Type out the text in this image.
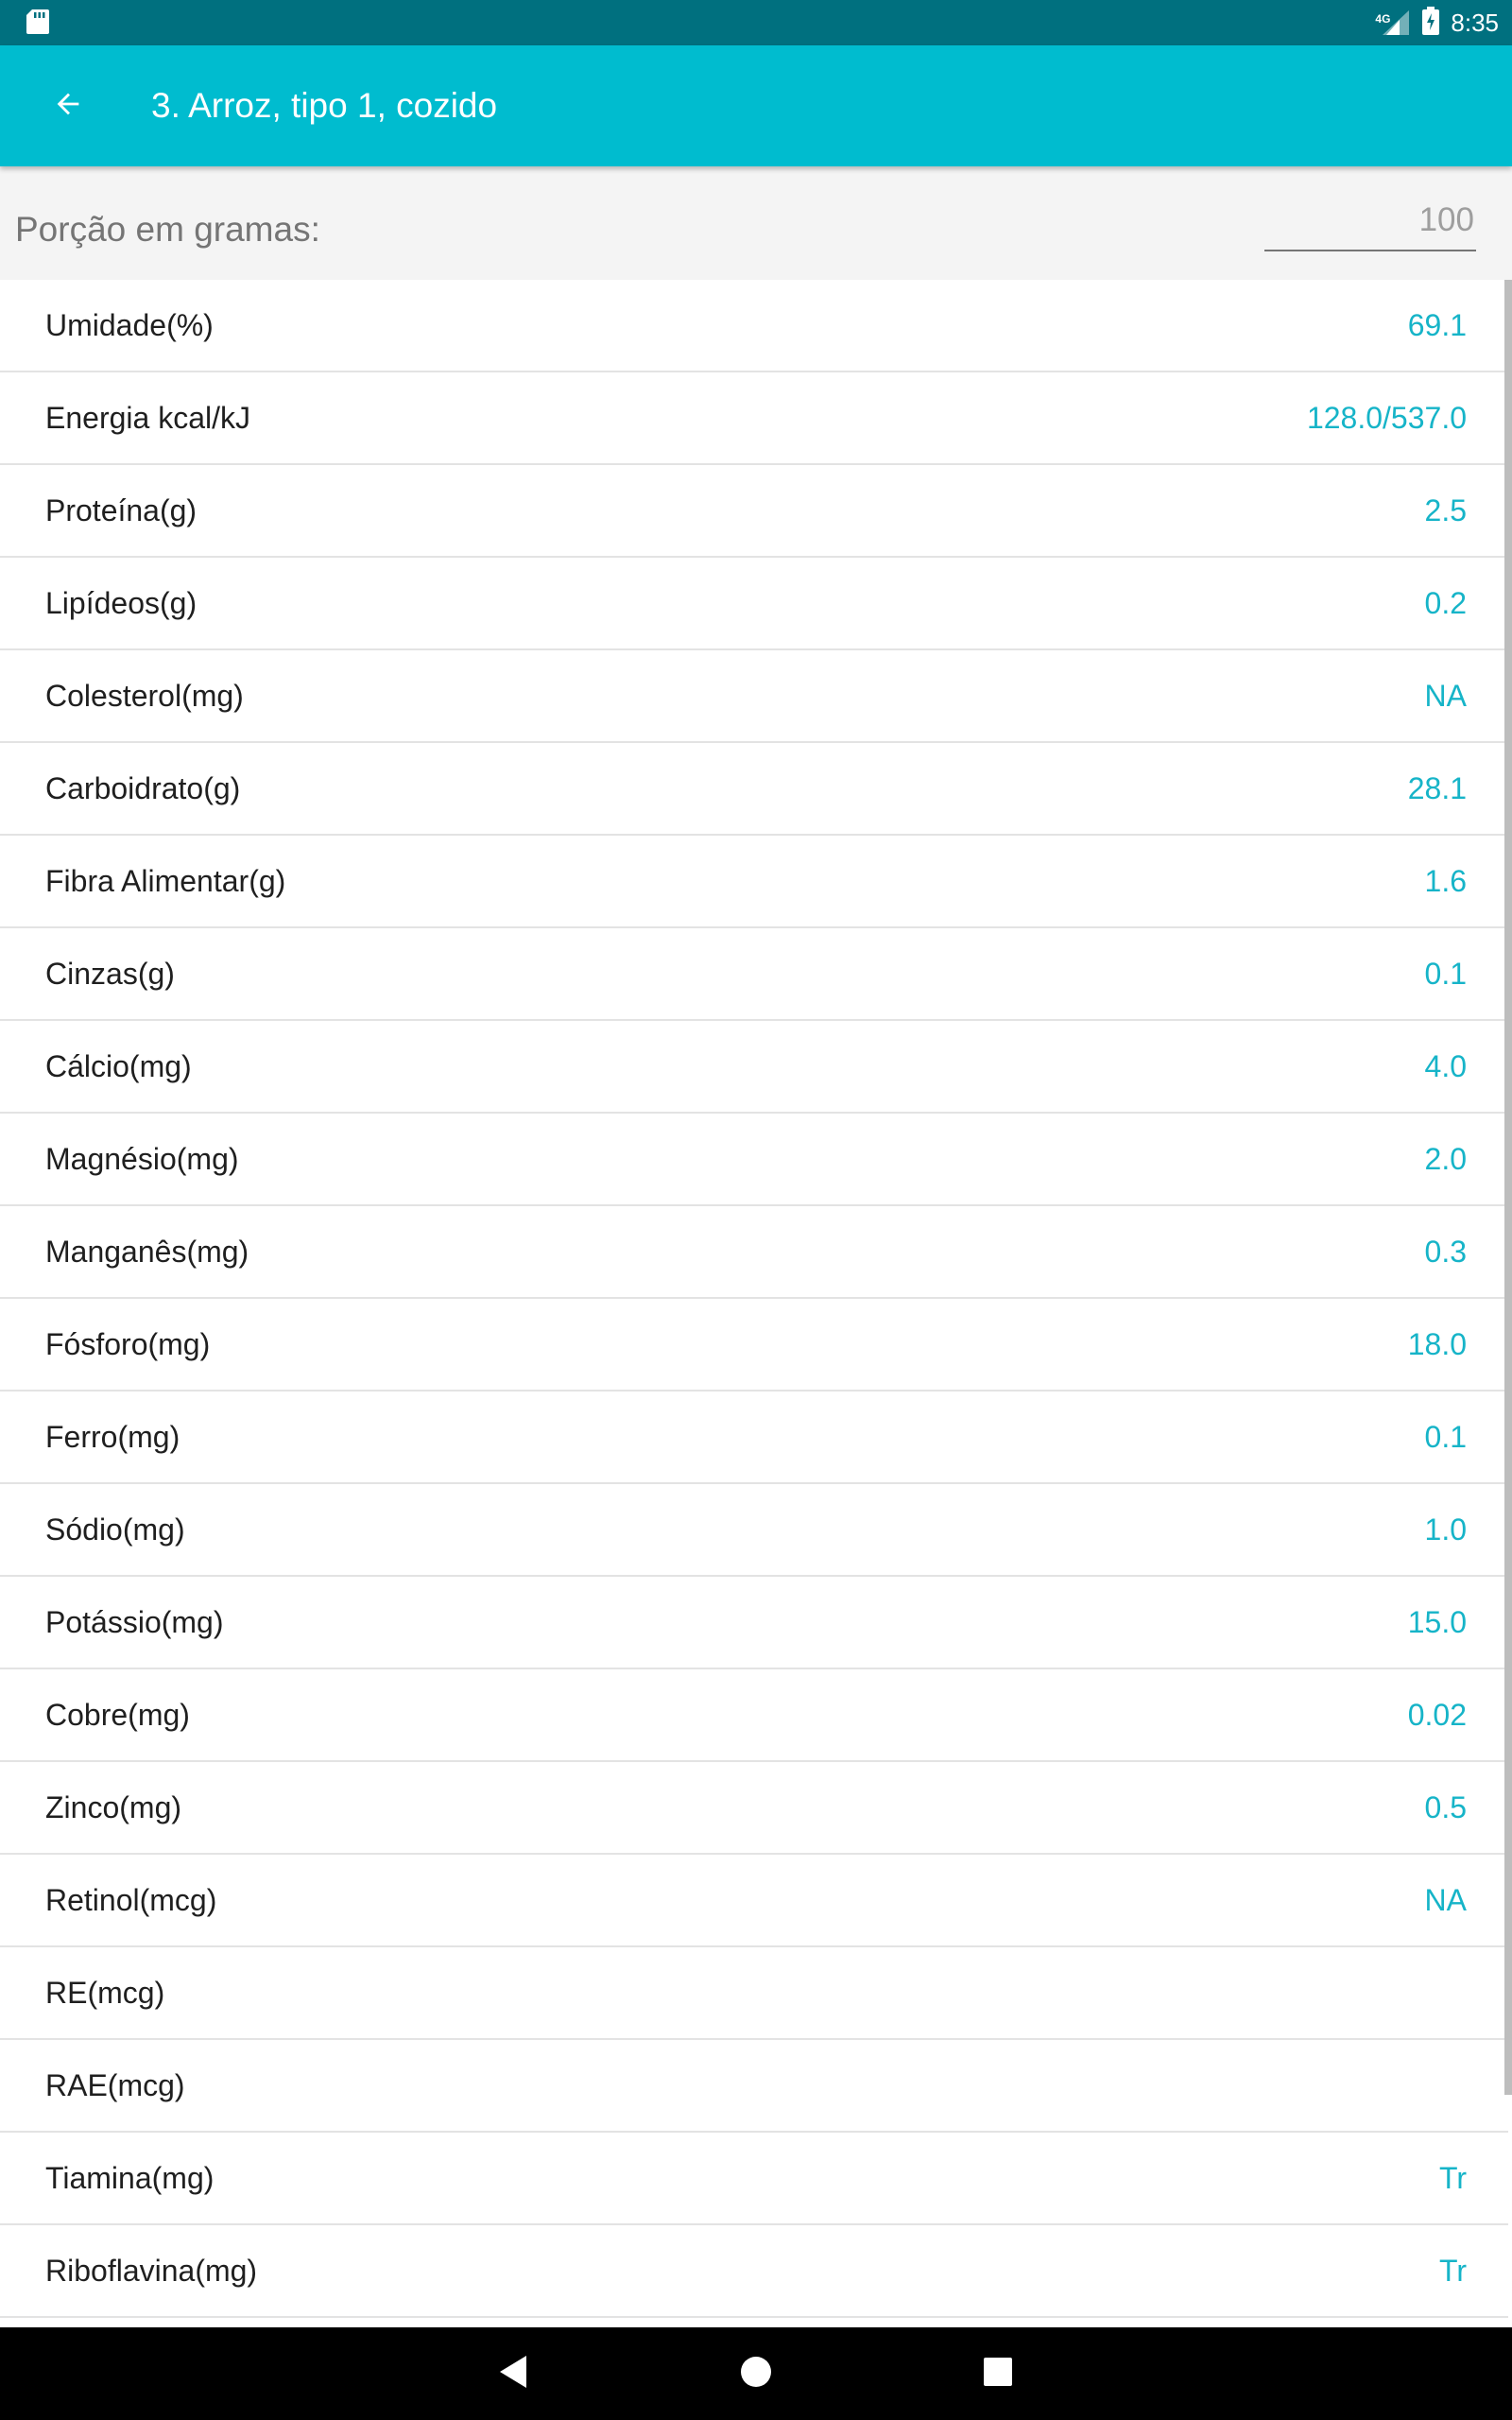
4G 8:35
3. Arroz, tipo 1, cozido
Porção em gramas:
100
Umidade(%)	69.1
Energia kcal/kJ	128.0/537.0
Proteína(g)	2.5
Lipídeos(g)	0.2
Colesterol(mg)	NA
Carboidrato(g)	28.1
Fibra Alimentar(g)	1.6
Cinzas(g)	0.1
Cálcio(mg)	4.0
Magnésio(mg)	2.0
Manganês(mg)	0.3
Fósforo(mg)	18.0
Ferro(mg)	0.1
Sódio(mg)	1.0
Potássio(mg)	15.0
Cobre(mg)	0.02
Zinco(mg)	0.5
Retinol(mcg)	NA
RE(mcg)
RAE(mcg)
Tiamina(mg)	Tr
Riboflavina(mg)	Tr
